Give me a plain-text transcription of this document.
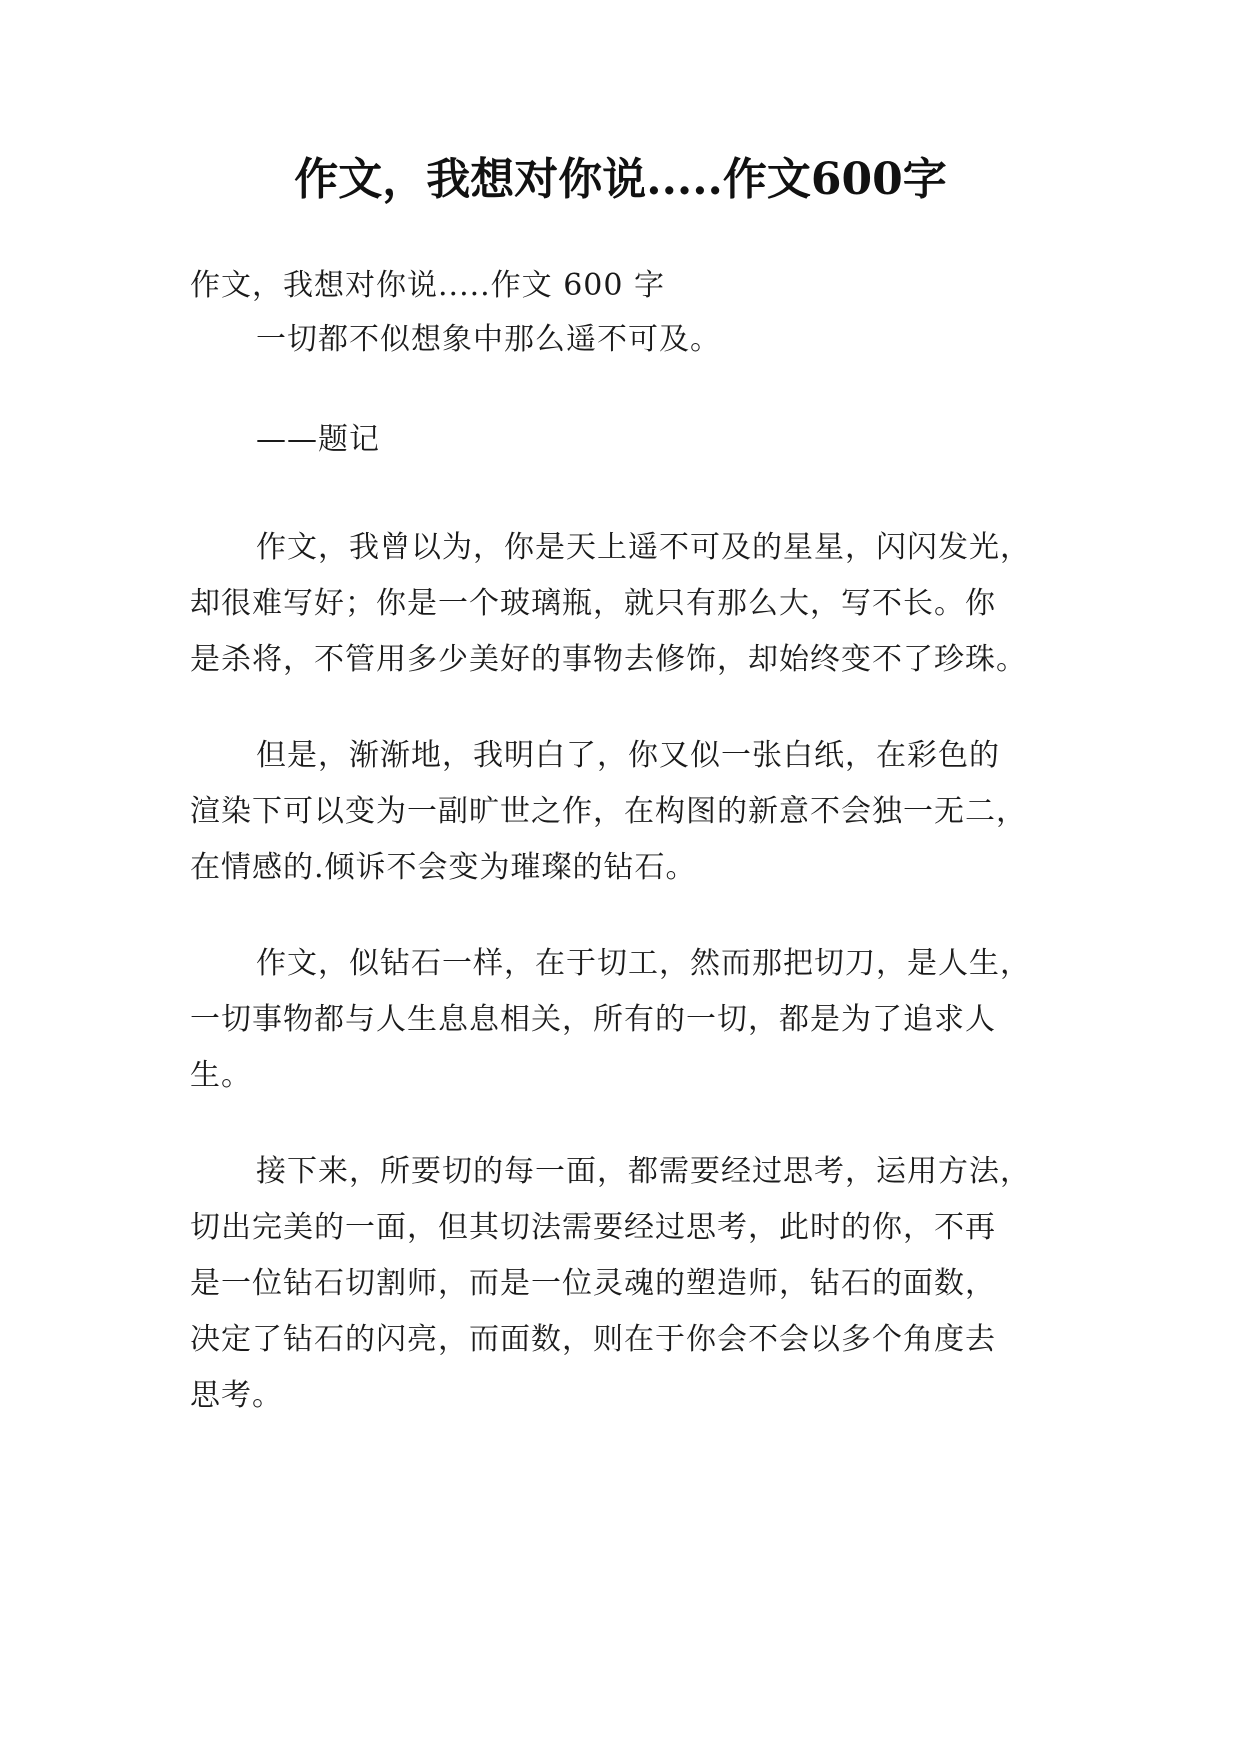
作文，我想对你说.....作文600字
作文，我想对你说.....作文 600 字
一切都不似想象中那么遥不可及。
——题记
作文，我曾以为，你是天上遥不可及的星星，闪闪发光，
却很难写好；你是一个玻璃瓶，就只有那么大，写不长。你
是杀将，不管用多少美好的事物去修饰，却始终变不了珍珠。
但是，渐渐地，我明白了，你又似一张白纸，在彩色的
渲染下可以变为一副旷世之作，在构图的新意不会独一无二，
在情感的.倾诉不会变为璀璨的钻石。
作文，似钻石一样，在于切工，然而那把切刀，是人生，
一切事物都与人生息息相关，所有的一切，都是为了追求人
生。
接下来，所要切的每一面，都需要经过思考，运用方法，
切出完美的一面，但其切法需要经过思考，此时的你，不再
是一位钻石切割师，而是一位灵魂的塑造师，钻石的面数，
决定了钻石的闪亮，而面数，则在于你会不会以多个角度去
思考。
